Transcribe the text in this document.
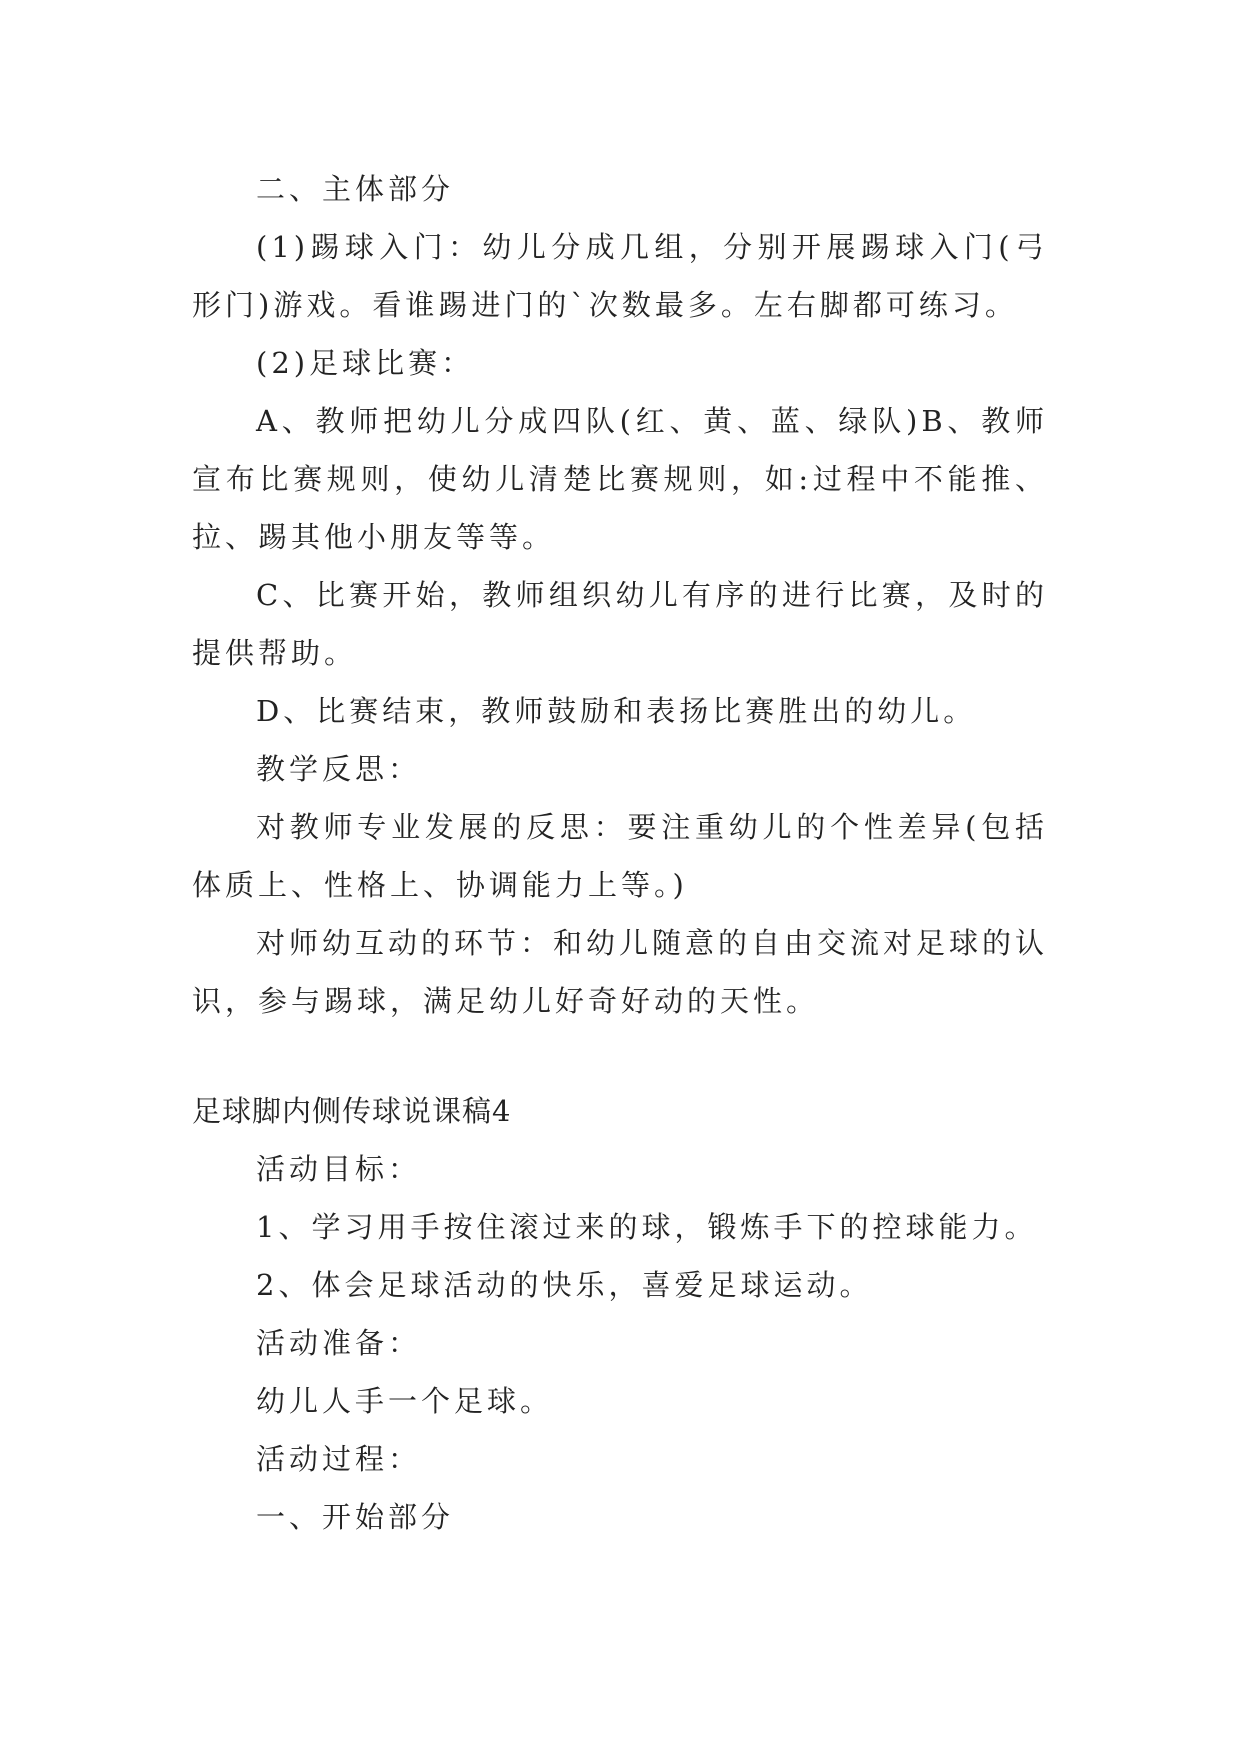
二、主体部分

(1)踢球入门：幼儿分成几组，分别开展踢球入门(弓形门)游戏。看谁踢进门的`次数最多。左右脚都可练习。

(2)足球比赛：

A、教师把幼儿分成四队(红、黄、蓝、绿队)B、教师宣布比赛规则，使幼儿清楚比赛规则，如:过程中不能推、拉、踢其他小朋友等等。

C、比赛开始，教师组织幼儿有序的进行比赛，及时的提供帮助。

D、比赛结束，教师鼓励和表扬比赛胜出的幼儿。

教学反思：

对教师专业发展的反思：要注重幼儿的个性差异(包括体质上、性格上、协调能力上等。)

对师幼互动的环节：和幼儿随意的自由交流对足球的认识，参与踢球，满足幼儿好奇好动的天性。

足球脚内侧传球说课稿4

活动目标：

1、学习用手按住滚过来的球，锻炼手下的控球能力。

2、体会足球活动的快乐，喜爱足球运动。

活动准备：

幼儿人手一个足球。

活动过程：

一、开始部分
